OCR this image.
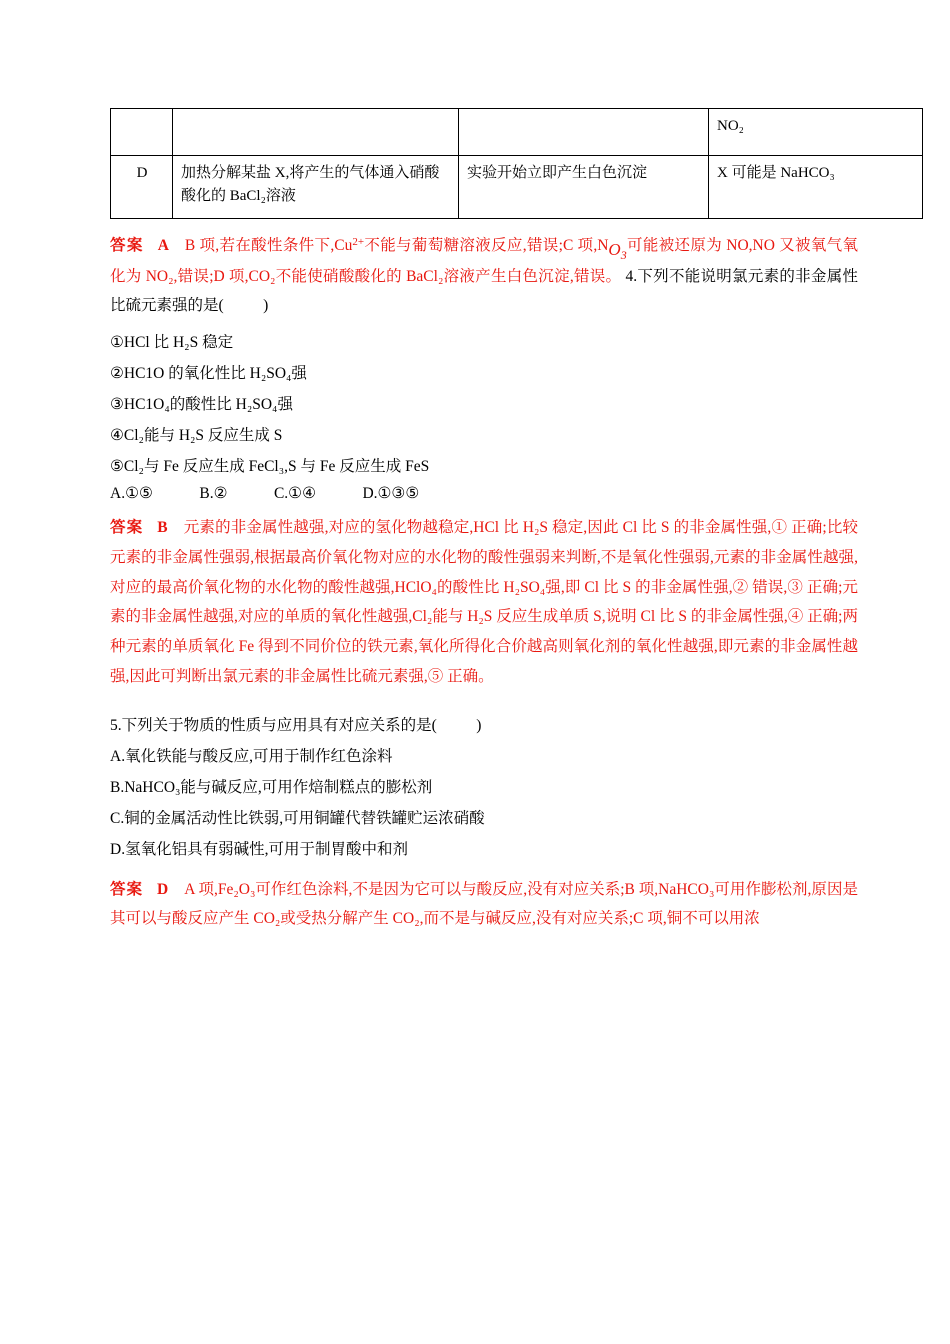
			NO₂
D	加热分解某盐 X,将产生的气体通入硝酸酸化的 BaCl₂溶液	实验开始立即产生白色沉淀	X 可能是 NaHCO₃
答案 A B 项,若在酸性条件下$,Cu^{2+}$不能与葡萄糖溶液反应,错误;C 项$,NO_3$可能被还原为 NO,NO 又被氧气氧化为 NO₂,错误;D 项,CO₂不能使硝酸酸化的 BaCl₂溶液产生白色沉淀,错误。 4.下列不能说明氯元素的非金属性比硫元素强的是(	)
①HCl 比 H₂S 稳定
②HC1O 的氧化性比 H₂SO₄强
③HC1O₄的酸性比 H₂SO₄强
④Cl₂能与 H₂S 反应生成 S
⑤Cl₂与 Fe 反应生成 FeCl₃,S 与 Fe 反应生成 FeS
A.①⑤            B.②            C.①④            D.①③⑤
答案 B 元素的非金属性越强,对应的氢化物越稳定,HCl 比 H₂S 稳定,因此 Cl 比 S 的非金属性强,① 正确;比较元素的非金属性强弱,根据最高价氧化物对应的水化物的酸性强弱来判断,不是氧化性强弱,元素的非金属性越强,对应的最高价氧化物的水化物的酸性越强,HClO₄的酸性比 H₂SO₄强,即 Cl 比 S 的非金属性强,② 错误,③ 正确;元素的非金属性越强,对应的单质的氧化性越强,Cl₂能与 H₂S 反应生成单质 S,说明 Cl 比 S 的非金属性强,④ 正确;两种元素的单质氧化 Fe 得到不同价位的铁元素,氧化所得化合价越高则氧化剂的氧化性越强,即元素的非金属性越强,因此可判断出氯元素的非金属性比硫元素强,⑤ 正确。
5.下列关于物质的性质与应用具有对应关系的是(	)
A.氧化铁能与酸反应,可用于制作红色涂料
B.NaHCO₃能与碱反应,可用作焙制糕点的膨松剂
C.铜的金属活动性比铁弱,可用铜罐代替铁罐贮运浓硝酸
D.氢氧化铝具有弱碱性,可用于制胃酸中和剂
答案 D A 项,Fe₂O₃可作红色涂料,不是因为它可以与酸反应,没有对应关系;B 项,NaHCO₃可用作膨松剂,原因是其可以与酸反应产生 CO₂或受热分解产生 CO₂,而不是与碱反应,没有对应关系;C 项,铜不可以用浓
